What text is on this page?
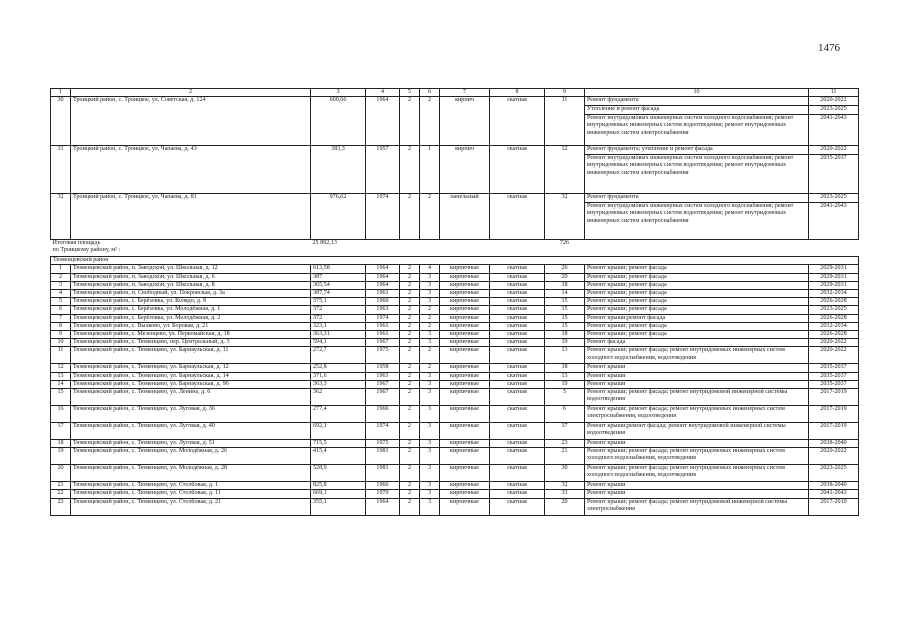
1476
1	2	3	4	5	6	7	8	9	10	11
30	Троицкий район, с. Троицкое, ул. Советская, д. 124	600,66	1964	2	2	кирпич	скатная	11	Ремонт фундамента	2020-2022
									Утепление и ремонт фасада	2023-2025
									Ремонт внутридомовых инженерных систем холодного водоснабжения; ремонт внутридомовых инженерных систем водоотведения; ремонт внутридомовых инженерных систем электроснабжения	2041-2043
31	Троицкий район, с. Троицкое, ул. Чапаева, д. 43	383,3	1957	2	1	кирпич	скатная	12	Ремонт фундамента; утепление и ремонт фасада	2020-2022
									Ремонт внутридомовых инженерных систем холодного водоснабжения; ремонт внутридомовых инженерных систем водоотведения; ремонт внутридомовых инженерных систем электроснабжения	2035-2037
32	Троицкий район, с. Троицкое, ул. Чапаева, д. 81	976,62	1974	2	2	панельный	скатная	32	Ремонт фундамента	2023-2025
									Ремонт внутридомовых инженерных систем холодного водоснабжения; ремонт внутридомовых инженерных систем водоотведения; ремонт внутридомовых инженерных систем электроснабжения	2041-2043
Итоговая площадь
по Троицкому району, м² :		25 892,13						726		
Тюменцевский район										
1	Тюменцевский район, п. Заводской, ул. Школьная, д. 12	613,58	1964	2	4	кирпичные	скатная	26	Ремонт крыши; ремонт фасада	2029-2031
2	Тюменцевский район, п. Заводской, ул. Школьная, д. 6	387	1964	2	3	кирпичные	скатная	20	Ремонт крыши; ремонт фасада	2029-2031
3	Тюменцевский район, п. Заводской, ул. Школьная, д. 8	365,54	1964	2	3	кирпичные	скатная	18	Ремонт крыши; ремонт фасада	2029-2031
4	Тюменцевский район, п. Свободный, ул. Покровская, д. 3а	387,74	1961	2	3	кирпичные	скатная	14	Ремонт крыши; ремонт фасада	2032-2034
5	Тюменцевский район, с. Берёзовка, ул. Колядо, д. 8	375,1	1960	2	3	кирпичные	скатная	15	Ремонт крыши; ремонт фасада	2026-2028
6	Тюменцевский район, с. Берёзовка, ул. Молодёжная, д. 1	372	1963	2	2	кирпичные	скатная	15	Ремонт крыши; ремонт фасада	2023-2025
7	Тюменцевский район, с. Берёзовка, ул. Молодёжная, д. 2	372	1974	2	2	кирпичные	скатная	15	Ремонт крыши;ремонт фасада	2026-2028
8	Тюменцевский район, с. Вылково, ул. Боровая, д. 21	323,1	1961	2	2	кирпичные	скатная	15	Ремонт крыши; ремонт фасада	2032-2034
9	Тюменцевский район, с. Мезенцево, ул. Первомайская, д. 18	363,31	1961	2	3	кирпичные	скатная	18	Ремонт крыши; ремонт фасада	2026-2028
10	Тюменцевский район, с. Тюменцево, пер. Центральный, д. 3	594,1	1967	2	3	кирпичные	скатная	19	Ремонт фасада	2020-2022
11	Тюменцевский район, с. Тюменцево, ул. Барнаульская, д. 11	272,7	1975	2	2	кирпичные	скатная	13	Ремонт крыши; ремонт фасада; ремонт внутридомовых инженерных систем холодного водоснабжения, водоотведения	2020-2022
12	Тюменцевский район, с. Тюменцево, ул. Барнаульская, д. 12	252,8	1958	2	2	кирпичные	скатная	18	Ремонт крыши	2035-2037
13	Тюменцевский район, с. Тюменцево, ул. Барнаульская, д. 14	371,6	1963	2	3	кирпичные	скатная	13	Ремонт крыши	2035-2037
14	Тюменцевский район, с. Тюменцево, ул. Барнаульская, д. 96	363,3	1967	2	3	кирпичные	скатная	19	Ремонт крыши	2035-2037
15	Тюменцевский район, с. Тюменцево, ул. Ленина, д. 6	362	1967	2	3	кирпичные	скатная	5	Ремонт крыши; ремонт фасада; ремонт внутридомовой инженерной системы водоотведения	2017-2019
16	Тюменцевский район, с. Тюменцево, ул. Луговая, д. 36	277,4	1966	2	3	кирпичные	скатная	6	Ремонт крыши; ремонт фасада; ремонт внутридомовых инженерных систем электроснабжения, водоотведения	2017-2019
17	Тюменцевский район, с. Тюменцево, ул. Луговая, д. 40	692,1	1974	2	3	кирпичные	скатная	37	Ремонт крыши;ремонт фасада; ремонт внутридомовой инженерной системы водоотведения	2017-2019
18	Тюменцевский район, с. Тюменцево, ул. Луговая, д. 51	715,5	1975	2	3	кирпичные	скатная	23	Ремонт крыши	2038-2040
19	Тюменцевский район, с. Тюменцево, ул. Молодёжная, д. 26	415,4	1981	2	3	кирпичные	скатная	21	Ремонт крыши; ремонт фасада; ремонт внутридомовых инженерных систем холодного водоснабжения, водоотведения	2020-2022
20	Тюменцевский район, с. Тюменцево, ул. Молодёжная, д. 28	528,9	1981	2	3	кирпичные	скатная	30	Ремонт крыши; ремонт фасада; ремонт внутридомовых инженерных систем холодного водоснабжения, водоотведения	2023-2025
21	Тюменцевский район, с. Тюменцево, ул. Столбовая, д. 1	825,8	1966	2	3	кирпичные	скатная	32	Ремонт крыши	2038-2040
22	Тюменцевский район, с. Тюменцево, ул. Столбовая, д. 11	669,1	1970	2	3	кирпичные	скатная	33	Ремонт крыши	2041-2043
23	Тюменцевский район, с. Тюменцево, ул. Столбовая, д. 21	355,1	1964	2	3	кирпичные	скатная	20	Ремонт крыши; ремонт фасада; ремонт внутридомовой инженерной системы электроснабжения	2017-2019
